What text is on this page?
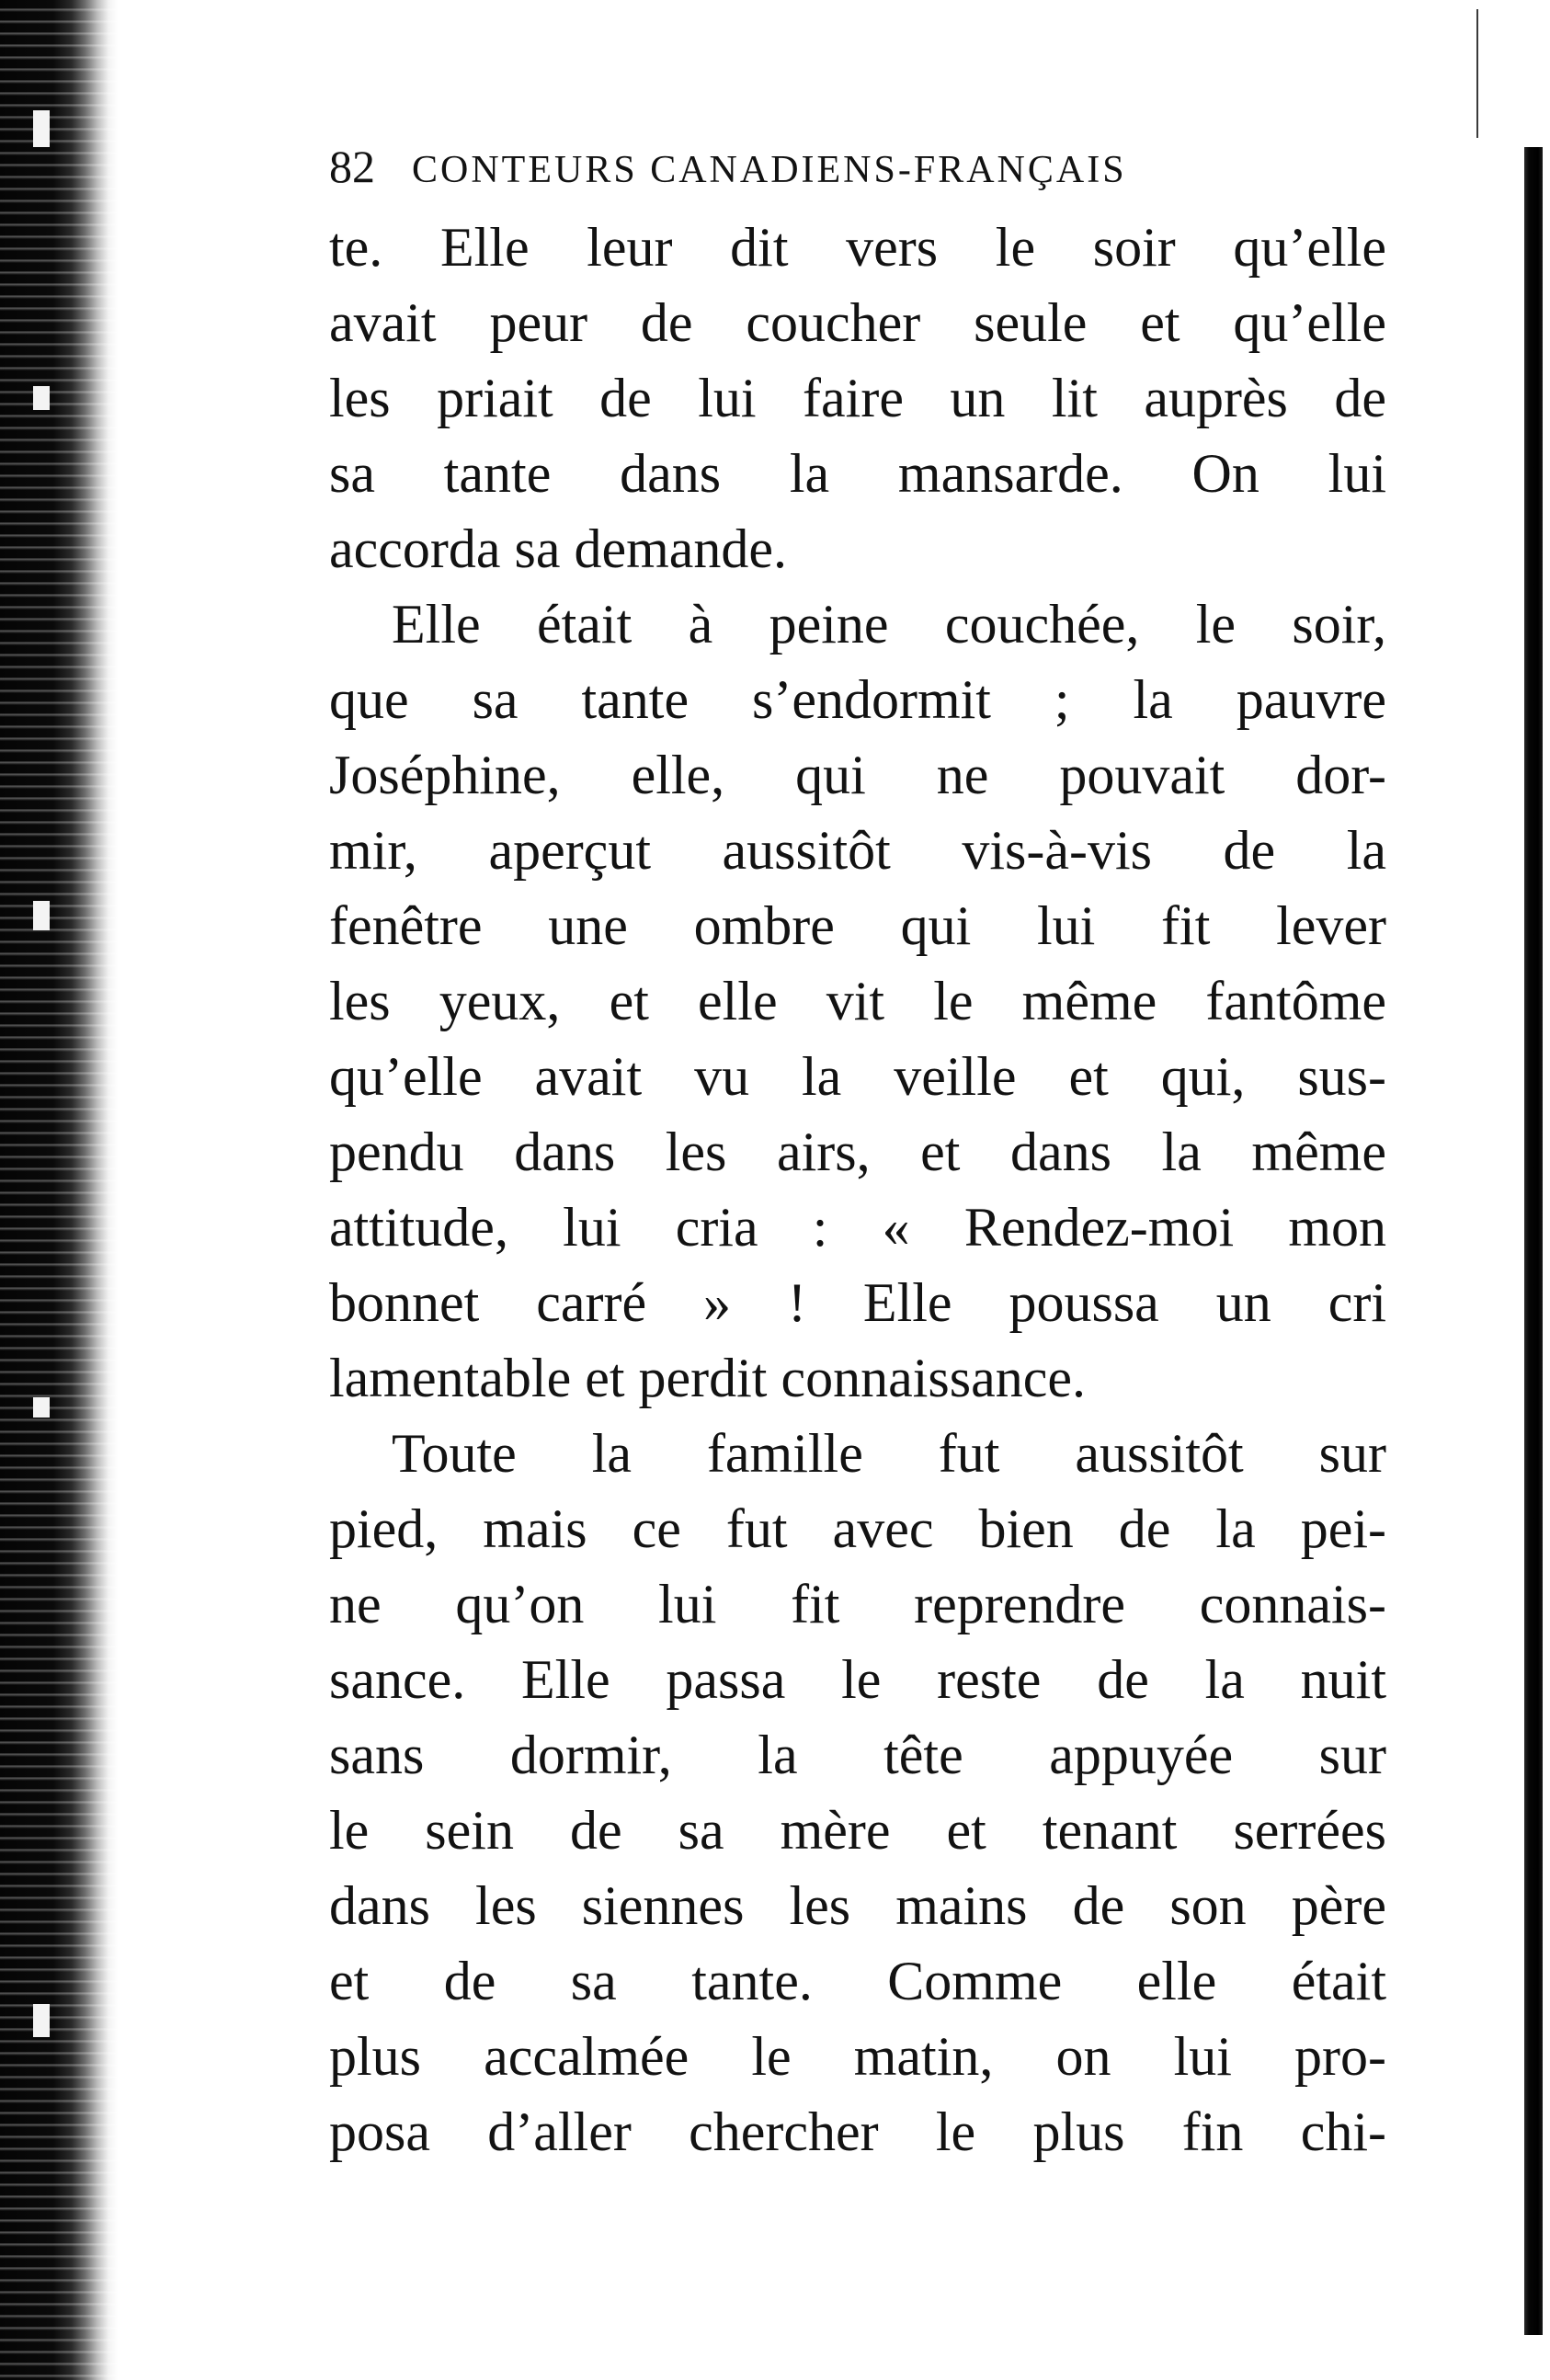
82 CONTEURS CANADIENS-FRANÇAIS
te. Elle leur dit vers le soir qu’elle
avait peur de coucher seule et qu’elle
les priait de lui faire un lit auprès de
sa tante dans la mansarde. On lui
accorda sa demande.
Elle était à peine couchée, le soir,
que sa tante s’endormit ; la pauvre
Joséphine, elle, qui ne pouvait dor-
mir, aperçut aussitôt vis-à-vis de la
fenêtre une ombre qui lui fit lever
les yeux, et elle vit le même fantôme
qu’elle avait vu la veille et qui, sus-
pendu dans les airs, et dans la même
attitude, lui cria : « Rendez-moi mon
bonnet carré » ! Elle poussa un cri
lamentable et perdit connaissance.
Toute la famille fut aussitôt sur
pied, mais ce fut avec bien de la pei-
ne qu’on lui fit reprendre connais-
sance. Elle passa le reste de la nuit
sans dormir, la tête appuyée sur
le sein de sa mère et tenant serrées
dans les siennes les mains de son père
et de sa tante. Comme elle était
plus accalmée le matin, on lui pro-
posa d’aller chercher le plus fin chi-
